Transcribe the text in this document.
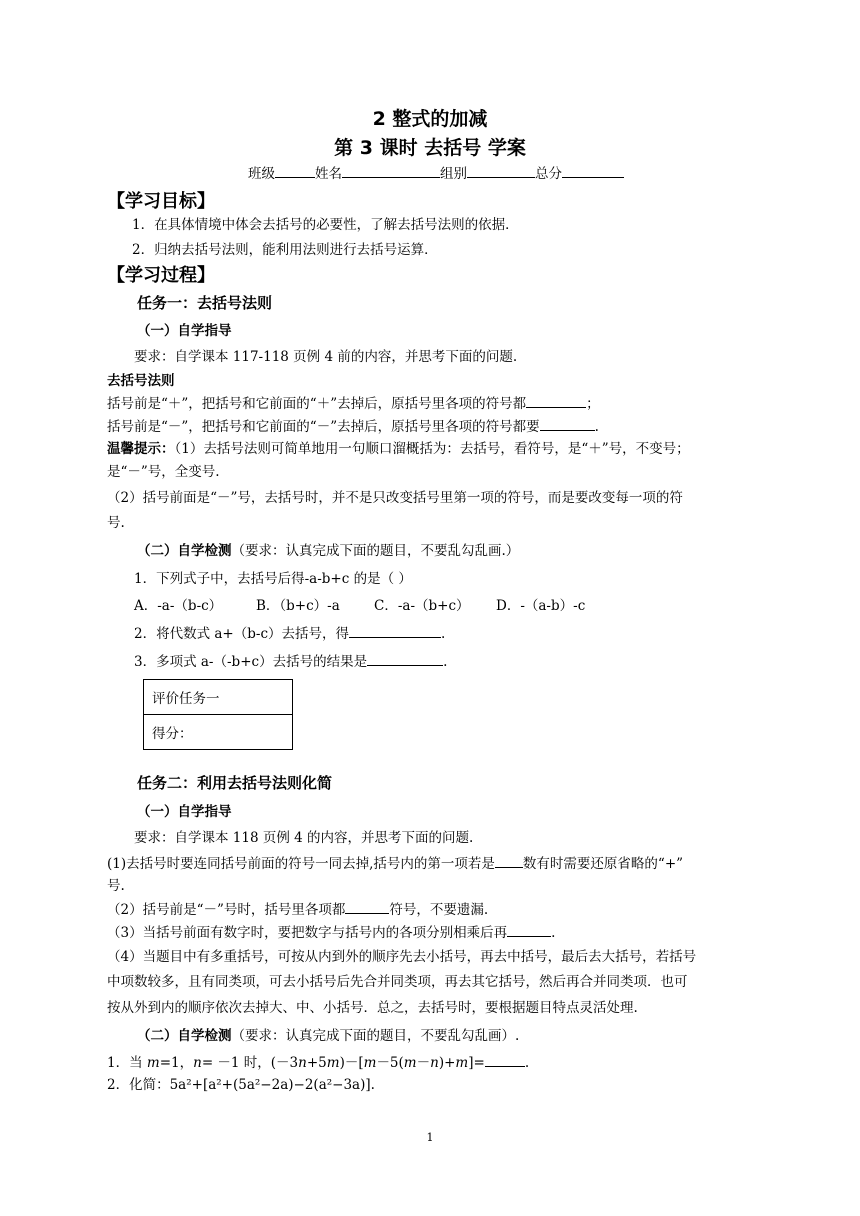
2 整式的加减
第 3 课时 去括号 学案
班级	姓名	组别	总分
【学习目标】
1．在具体情境中体会去括号的必要性，了解去括号法则的依据．
2．归纳去括号法则，能利用法则进行去括号运算．
【学习过程】
任务一：去括号法则
（一）自学指导
要求：自学课本 117-118 页例 4 前的内容，并思考下面的问题.
去括号法则
括号前是“＋”，把括号和它前面的“＋”去掉后，原括号里各项的符号都	；
括号前是“－”，把括号和它前面的“－”去掉后，原括号里各项的符号都要	.
温馨提示：（1）去括号法则可简单地用一句顺口溜概括为：去括号，看符号，是“＋”号，不变号；
是“－”号，全变号.
（2）括号前面是“－”号，去括号时，并不是只改变括号里第一项的符号，而是要改变每一项的符
号.
（二）自学检测（要求：认真完成下面的题目，不要乱勾乱画.）
1．下列式子中，去括号后得-a-b+c 的是（ ）
A．-a-（b-c）	B．（b+c）-a	C．-a-（b+c） D．-（a-b）-c
2．将代数式 a+（b-c）去括号，得	.
3．多项式 a-（-b+c）去括号的结果是	.
评价任务一
得分：
任务二：利用去括号法则化简
（一）自学指导
要求：自学课本 118 页例 4 的内容，并思考下面的问题.
(1)去括号时要连同括号前面的符号一同去掉,括号内的第一项若是 数有时需要还原省略的“+”
号.
（2）括号前是“－”号时，括号里各项都	符号，不要遗漏.
（3）当括号前面有数字时，要把数字与括号内的各项分别相乘后再	.
（4）当题目中有多重括号，可按从内到外的顺序先去小括号，再去中括号，最后去大括号，若括号
中项数较多，且有同类项，可去小括号后先合并同类项，再去其它括号，然后再合并同类项．也可
按从外到内的顺序依次去掉大、中、小括号．总之，去括号时，要根据题目特点灵活处理.
（二）自学检测（要求：认真完成下面的题目，不要乱勾乱画）.
1．当 m=1，n= －1 时，(－3n+5m)－[m－5(m－n)+m]=	.
2．化简：5a²+[a²+(5a²−2a)−2(a²−3a)].
1
